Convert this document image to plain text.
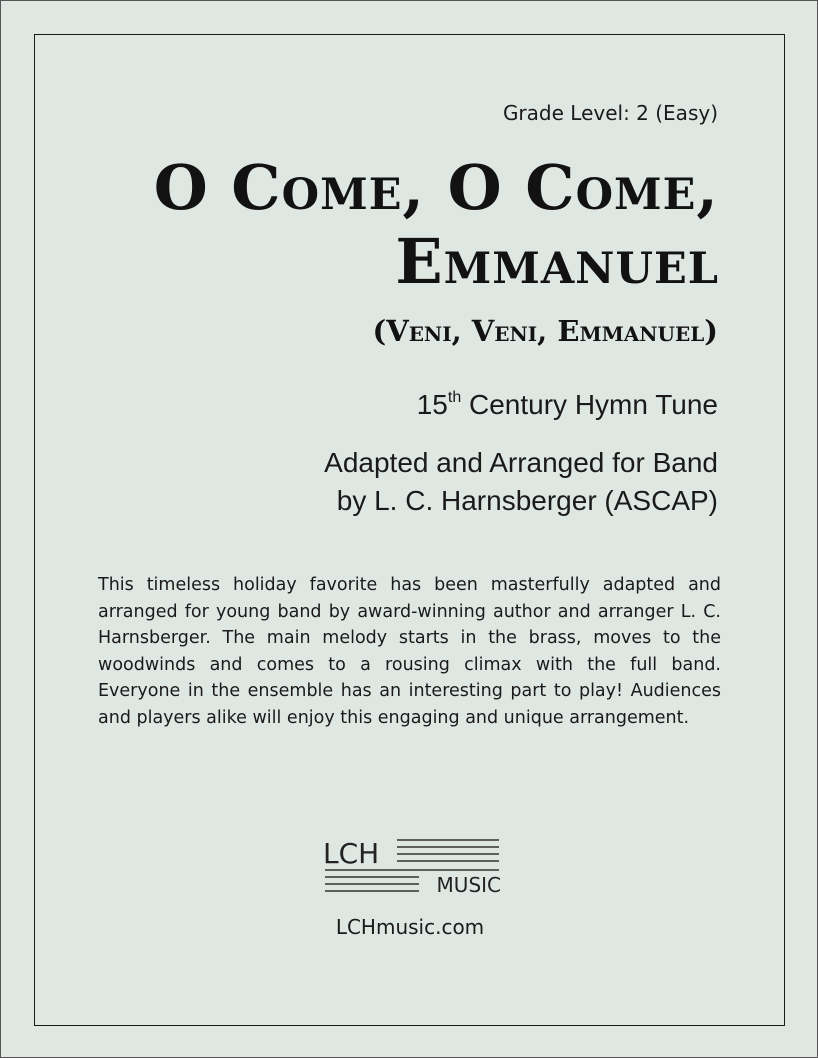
Grade Level: 2 (Easy)
O Come, O Come,
Emmanuel
(Veni, Veni, Emmanuel)
15th Century Hymn Tune
Adapted and Arranged for Band
by L. C. Harnsberger (ASCAP)
This timeless holiday favorite has been masterfully adapted and arranged for young band by award-winning author and arranger L. C. Harnsberger. The main melody starts in the brass, moves to the woodwinds and comes to a rousing climax with the full band. Everyone in the ensemble has an interesting part to play! Audiences and players alike will enjoy this engaging and unique arrangement.
LCH
MUSIC
LCHmusic.com
